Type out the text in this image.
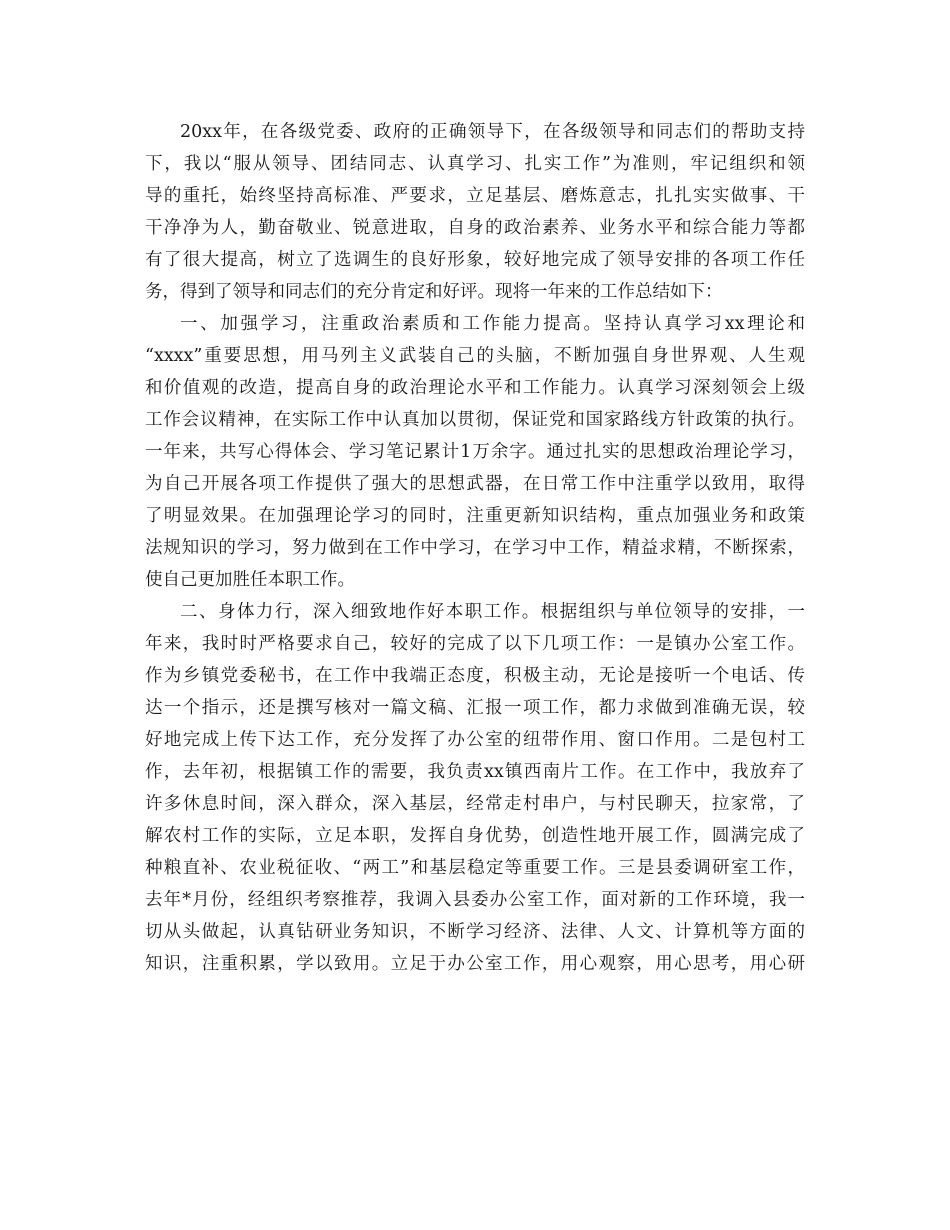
20xx年，在各级党委、政府的正确领导下，在各级领导和同志们的帮助支持

下，我以“服从领导、团结同志、认真学习、扎实工作”为准则，牢记组织和领

导的重托，始终坚持高标准、严要求，立足基层、磨炼意志，扎扎实实做事、干

干净净为人，勤奋敬业、锐意进取，自身的政治素养、业务水平和综合能力等都

有了很大提高，树立了选调生的良好形象，较好地完成了领导安排的各项工作任

务，得到了领导和同志们的充分肯定和好评。现将一年来的工作总结如下：

一、加强学习，注重政治素质和工作能力提高。坚持认真学习xx理论和

“xxxx”重要思想，用马列主义武装自己的头脑，不断加强自身世界观、人生观

和价值观的改造，提高自身的政治理论水平和工作能力。认真学习深刻领会上级

工作会议精神，在实际工作中认真加以贯彻，保证党和国家路线方针政策的执行。

一年来，共写心得体会、学习笔记累计1万余字。通过扎实的思想政治理论学习，

为自己开展各项工作提供了强大的思想武器，在日常工作中注重学以致用，取得

了明显效果。在加强理论学习的同时，注重更新知识结构，重点加强业务和政策

法规知识的学习，努力做到在工作中学习，在学习中工作，精益求精，不断探索，

使自己更加胜任本职工作。

二、身体力行，深入细致地作好本职工作。根据组织与单位领导的安排，一

年来，我时时严格要求自己，较好的完成了以下几项工作：一是镇办公室工作。

作为乡镇党委秘书，在工作中我端正态度，积极主动，无论是接听一个电话、传

达一个指示，还是撰写核对一篇文稿、汇报一项工作，都力求做到准确无误，较

好地完成上传下达工作，充分发挥了办公室的纽带作用、窗口作用。二是包村工

作，去年初，根据镇工作的需要，我负责xx镇西南片工作。在工作中，我放弃了

许多休息时间，深入群众，深入基层，经常走村串户，与村民聊天，拉家常，了

解农村工作的实际，立足本职，发挥自身优势，创造性地开展工作，圆满完成了

种粮直补、农业税征收、“两工”和基层稳定等重要工作。三是县委调研室工作，

去年*月份，经组织考察推荐，我调入县委办公室工作，面对新的工作环境，我一

切从头做起，认真钻研业务知识，不断学习经济、法律、人文、计算机等方面的

知识，注重积累，学以致用。立足于办公室工作，用心观察，用心思考，用心研
